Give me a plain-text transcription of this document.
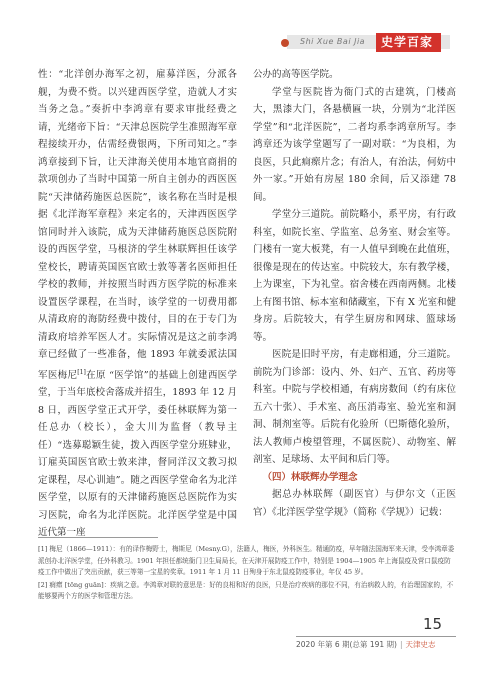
Shi Xue Bai Jia 史学百家

性：“北洋创办海军之初，雇募洋医，分派各舰，为费不赀。以兴建西医学堂，造就人才实当务之急。”奏折中李鸿章有要求审批经费之请，光绪帝下旨：“天津总医院学生准照海军章程接续开办，估需经费银两，下所司知之。”李鸿章接到下旨，让天津海关使用本地官商捐的款项创办了当时中国第一所自主创办的西医医院“天津储药施医总医院”，该名称在当时是根据《北洋海军章程》来定名的，天津西医医学馆同时并入该院，成为天津储药施医总医院附设的西医学堂，马根济的学生林联辉担任该学堂校长，聘请英国医官欧士敦等著名医师担任学校的教师，并按照当时西方医学院的标准来设置医学课程，在当时，该学堂的一切费用都从清政府的海防经费中拨付，目的在于专门为清政府培养军医人才。实际情况是这之前李鸿章已经做了一些准备，他 1893 年就委派法国军医梅尼[1]在原 “医学馆”的基础上创建西医学堂，于当年底校舍落成并招生，1893 年 12 月 8 日，西医学堂正式开学，委任林联辉为第一任总办（校长），金大川为监督（教导主任）“选募聪颖生徒，拨入西医学堂分班肄业，订雇英国医官欧士敦来津，督同洋汉文教习拟定课程，尽心训迪”。随之西医学堂命名为北洋医学堂，以原有的天津储药施医总医院作为实习医院，命名为北洋医院。北洋医学堂是中国近代第一座

公办的高等医学院。

学堂与医院皆为衙门式的古建筑，门楼高大，黑漆大门，各悬横匾一块，分别为“北洋医学堂”和“北洋医院”，二者均系李鸿章所写。李鸿章还为该学堂题写了一副对联：“为良相，为良医，只此痌瘝片念；有治人，有治法，何妨中外一家。”开始有房屋 180 余间，后又添建 78 间。

学堂分三道院。前院略小，系平房，有行政科室，如院长室、学监室、总务室、财会室等。门楼有一宽大板凳，有一人值早到晚在此值班，很像是现在的传达室。中院较大，东有教学楼，上为课室，下为礼堂。宿舍楼在西南两侧。北楼上有图书馆、标本室和储藏室，下有 X 光室和健身房。后院较大，有学生厨房和网球、篮球场等。

医院是旧时平房，有走廊相通，分三道院。前院为门诊部：设内、外、妇产、五官、药房等科室。中院与学校相通，有病房数间（约有床位五六十张）、手术室、高压消毒室、验光室和洞洞、制剂室等。后院有化验所（巴斯德化验所，法人教师卢梭望管理，不属医院）、动物室、解剖室、足球场、太平间和后门等。

（四）林联辉办学理念

据总办林联辉（副医官）与伊尔文（正医官）《北洋医学堂学规》（简称《学规》）记载：

[1] 梅尼（1866—1911）：有的译作梅野士，梅斯尼（Mesny.G），法籍人，梅医，外科医生。精通防疫，早年随法国海军来天津，受李鸿章委派创办北洋医学堂，任外科教习。1901 年担任都统衙门卫生局局长，在天津开展防疫工作中，特别是 1904—1905 年上海鼠疫及营口鼠疫防疫工作中做出了突出贡献，获三等第一宝星的奖章。1911 年 1 月 11 日殉身于东北鼠疫防疫事业，年仅 45 岁。

[2] 痌瘝 [tōng guān]：疾病之意。李鸿章对联的意思是：好的良相和好的良医，只是治疗疾病的那位不同，有治病救人的，有治理国家的，不能够要两个方的医学和管理方法。

15
2020 年第 6 期(总第 191 期) | 天津史志
